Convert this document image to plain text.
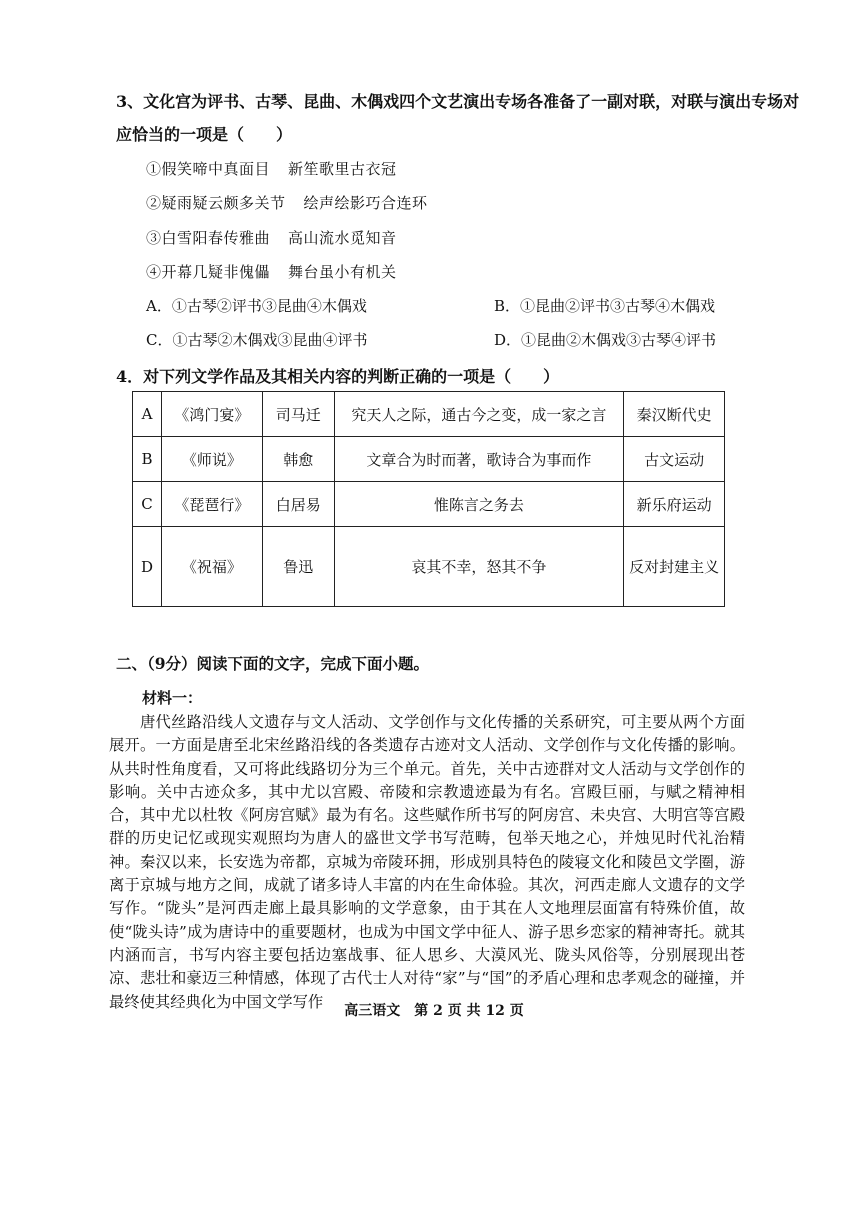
3、文化宫为评书、古琴、昆曲、木偶戏四个文艺演出专场各准备了一副对联，对联与演出专场对
应恰当的一项是（　　）
①假笑啼中真面目 新笙歌里古衣冠
②疑雨疑云颇多关节 绘声绘影巧合连环
③白雪阳春传雅曲 高山流水觅知音
④开幕几疑非傀儡 舞台虽小有机关
A．①古琴②评书③昆曲④木偶戏	B．①昆曲②评书③古琴④木偶戏
C．①古琴②木偶戏③昆曲④评书	D．①昆曲②木偶戏③古琴④评书
4．对下列文学作品及其相关内容的判断正确的一项是（　　）
A	《鸿门宴》	司马迁	究天人之际，通古今之变，成一家之言	秦汉断代史
B	《师说》	韩愈	文章合为时而著，歌诗合为事而作	古文运动
C	《琵琶行》	白居易	惟陈言之务去	新乐府运动
D	《祝福》	鲁迅	哀其不幸，怒其不争	反对封建主义
二、（9分）阅读下面的文字，完成下面小题。
材料一：
　　唐代丝路沿线人文遗存与文人活动、文学创作与文化传播的关系研究，可主要从两个方面展开。一方面是唐至北宋丝路沿线的各类遗存古迹对文人活动、文学创作与文化传播的影响。从共时性角度看，又可将此线路切分为三个单元。首先，关中古迹群对文人活动与文学创作的影响。关中古迹众多，其中尤以宫殿、帝陵和宗教遗迹最为有名。宫殿巨丽，与赋之精神相合，其中尤以杜牧《阿房宫赋》最为有名。这些赋作所书写的阿房宫、未央宫、大明宫等宫殿群的历史记忆或现实观照均为唐人的盛世文学书写范畴，包举天地之心，并烛见时代礼治精神。秦汉以来，长安选为帝都，京城为帝陵环拥，形成别具特色的陵寝文化和陵邑文学圈，游离于京城与地方之间，成就了诸多诗人丰富的内在生命体验。其次，河西走廊人文遗存的文学写作。“陇头”是河西走廊上最具影响的文学意象，由于其在人文地理层面富有特殊价值，故使“陇头诗”成为唐诗中的重要题材，也成为中国文学中征人、游子思乡恋家的精神寄托。就其内涵而言，书写内容主要包括边塞战事、征人思乡、大漠风光、陇头风俗等，分别展现出苍凉、悲壮和豪迈三种情感，体现了古代士人对待“家”与“国”的矛盾心理和忠孝观念的碰撞，并最终使其经典化为中国文学写作
高三语文　第 2 页 共 12 页
